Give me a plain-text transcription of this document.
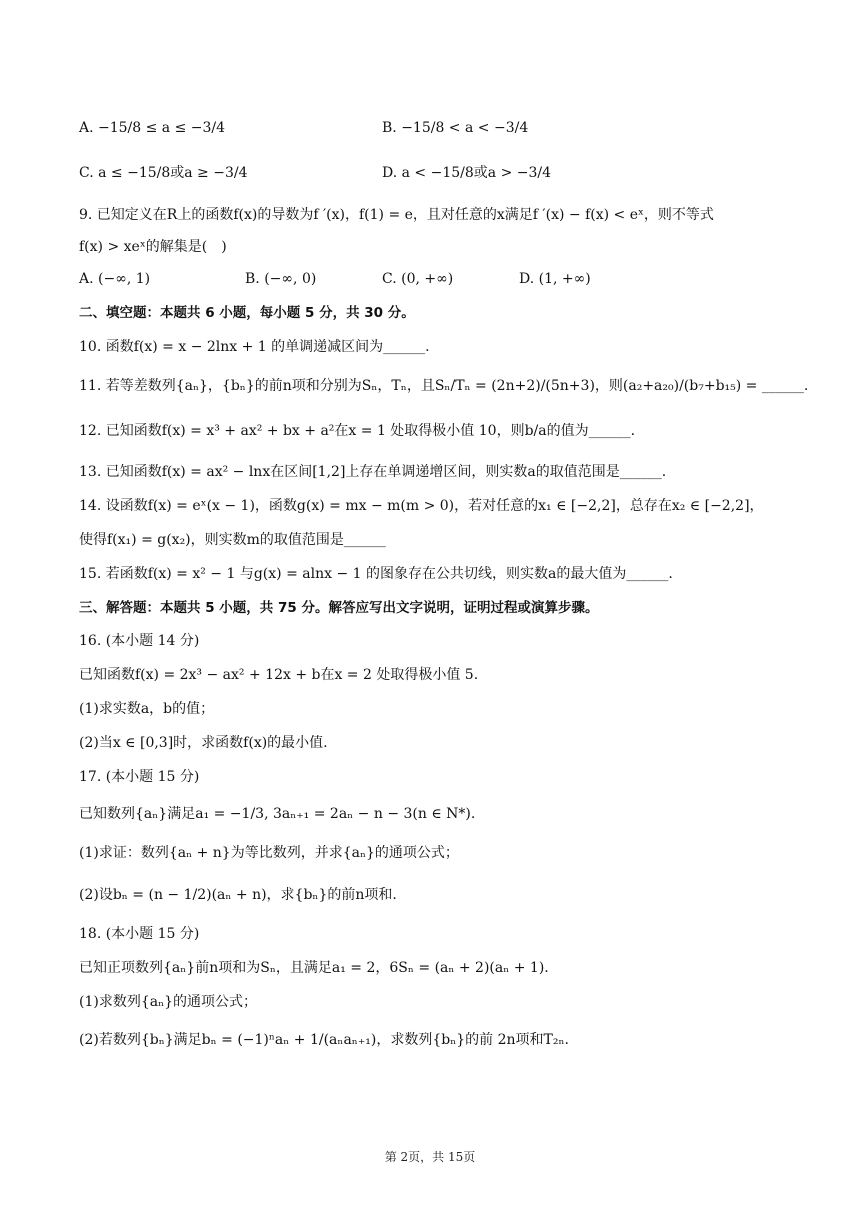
A. −15/8 ≤ a ≤ −3/4	B. −15/8 < a < −3/4
C. a ≤ −15/8或a ≥ −3/4	D. a < −15/8或a > −3/4
9. 已知定义在R上的函数f(x)的导数为f ′(x)，f(1) = e，且对任意的x满足f ′(x) − f(x) < eˣ，则不等式
f(x) > xeˣ的解集是(　)
A. (−∞, 1)	B. (−∞, 0)	C. (0, +∞)	D. (1, +∞)
二、填空题：本题共 6 小题，每小题 5 分，共 30 分。
10. 函数f(x) = x − 2lnx + 1 的单调递减区间为______.
11. 若等差数列{aₙ}，{bₙ}的前n项和分别为Sₙ，Tₙ，且Sₙ/Tₙ = (2n+2)/(5n+3)，则(a₂+a₂₀)/(b₇+b₁₅) = ______.
12. 已知函数f(x) = x³ + ax² + bx + a²在x = 1 处取得极小值 10，则b/a的值为______.
13. 已知函数f(x) = ax² − lnx在区间[1,2]上存在单调递增区间，则实数a的取值范围是______.
14. 设函数f(x) = eˣ(x − 1)，函数g(x) = mx − m(m > 0)，若对任意的x₁ ∈ [−2,2]，总存在x₂ ∈ [−2,2]，
使得f(x₁) = g(x₂)，则实数m的取值范围是______
15. 若函数f(x) = x² − 1 与g(x) = alnx − 1 的图象存在公共切线，则实数a的最大值为______.
三、解答题：本题共 5 小题，共 75 分。解答应写出文字说明，证明过程或演算步骤。
16. (本小题 14 分)
已知函数f(x) = 2x³ − ax² + 12x + b在x = 2 处取得极小值 5.
(1)求实数a，b的值；
(2)当x ∈ [0,3]时，求函数f(x)的最小值.
17. (本小题 15 分)
已知数列{aₙ}满足a₁ = −1/3, 3aₙ₊₁ = 2aₙ − n − 3(n ∈ N*).
(1)求证：数列{aₙ + n}为等比数列，并求{aₙ}的通项公式；
(2)设bₙ = (n − 1/2)(aₙ + n)，求{bₙ}的前n项和.
18. (本小题 15 分)
已知正项数列{aₙ}前n项和为Sₙ，且满足a₁ = 2，6Sₙ = (aₙ + 2)(aₙ + 1).
(1)求数列{aₙ}的通项公式；
(2)若数列{bₙ}满足bₙ = (−1)ⁿaₙ + 1/(aₙaₙ₊₁)，求数列{bₙ}的前 2n项和T₂ₙ.
第 2页，共 15页
